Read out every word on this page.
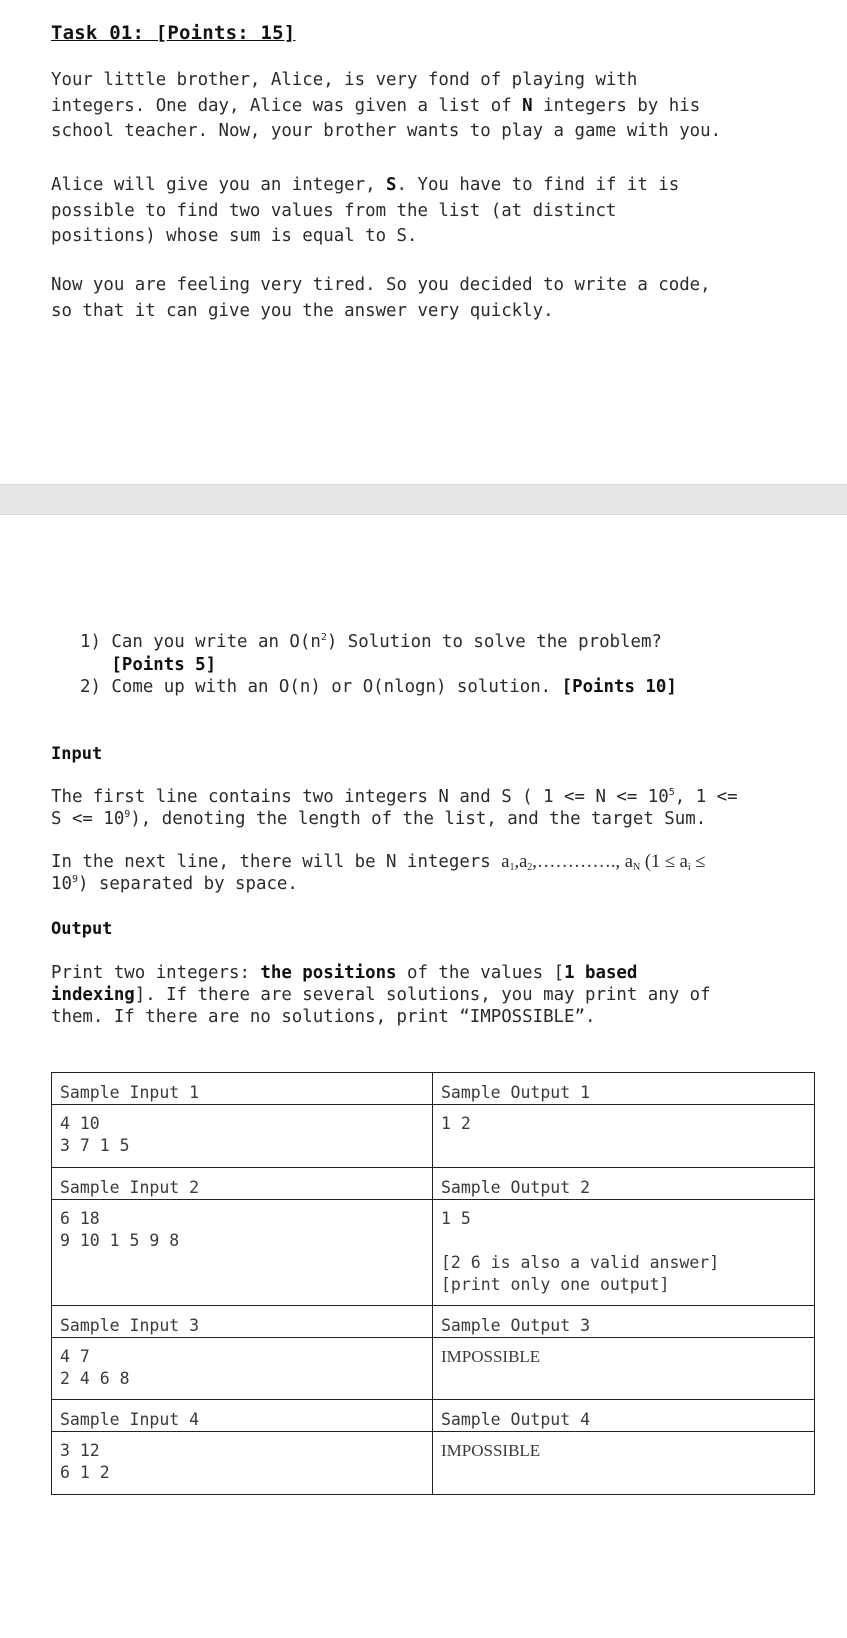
Task 01: [Points: 15]
Your little brother, Alice, is very fond of playing with
integers. One day, Alice was given a list of N integers by his
school teacher. Now, your brother wants to play a game with you.
Alice will give you an integer, S. You have to find if it is
possible to find two values from the list (at distinct
positions) whose sum is equal to S.
Now you are feeling very tired. So you decided to write a code,
so that it can give you the answer very quickly.
1) Can you write an $O(n^2)$ Solution to solve the problem?
[Points 5]
2) Come up with an O(n) or O(nlogn) solution. [Points 10]
Input
The first line contains two integers N and S ( $1 <= N <= 10^5$, 1 <=
$S <= 10^9$), denoting the length of the list, and the target Sum.
In the next line, there will be N integers $a_1,a_2,\dots\dots\dots\dots$., $a_N$ ($1 \le a_i$ ≤
$10^9$) separated by space.
Output
Print two integers: the positions of the values [1 based
indexing]. If there are several solutions, you may print any of
them. If there are no solutions, print “IMPOSSIBLE”.
Sample Input 1	Sample Output 1
4 10
3 7 1 5	1 2
Sample Input 2	Sample Output 2
6 18
9 10 1 5 9 8	1 5

[2 6 is also a valid answer]
[print only one output]
Sample Input 3	Sample Output 3
4 7
2 4 6 8	IMPOSSIBLE
Sample Input 4	Sample Output 4
3 12
6 1 2	IMPOSSIBLE
